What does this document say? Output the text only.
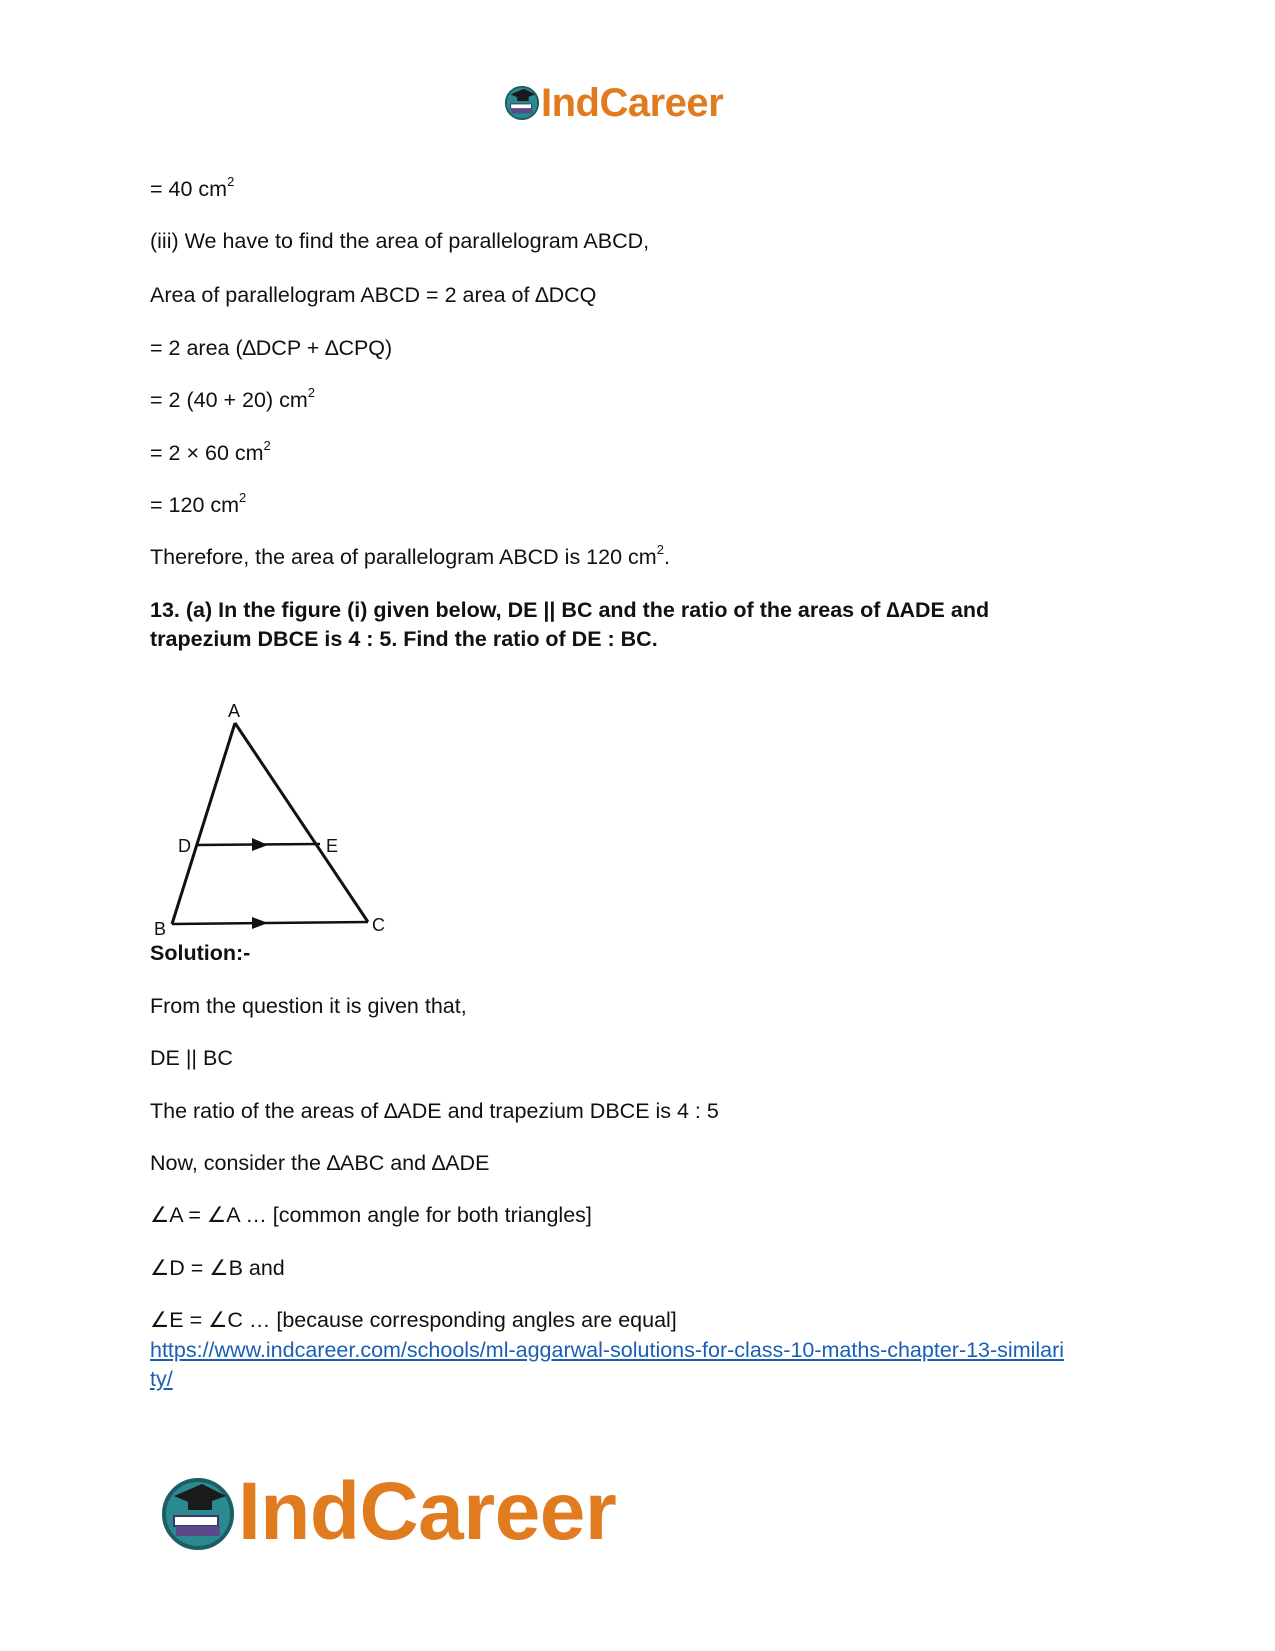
IndCareer
= 40 $cm^2$
(iii) We have to find the area of parallelogram ABCD,
Area of parallelogram ABCD = 2 area of ∆DCQ
= 2 area (∆DCP + ∆CPQ)
= 2 (40 + 20) $cm^2$
= 2 × 60 $cm^2$
= 120 $cm^2$
Therefore, the area of parallelogram ABCD is 120 $cm^2$.
13. (a) In the figure (i) given below, DE || BC and the ratio of the areas of ∆ADE and
trapezium DBCE is 4 : 5. Find the ratio of DE : BC.
A
D	E
B	C
Solution:-
From the question it is given that,
DE || BC
The ratio of the areas of ∆ADE and trapezium DBCE is 4 : 5
Now, consider the ∆ABC and ∆ADE
∠A = ∠A … [common angle for both triangles]
∠D = ∠B and
∠E = ∠C … [because corresponding angles are equal]
https://www.indcareer.com/schools/ml-aggarwal-solutions-for-class-10-maths-chapter-13-similari
ty/
IndCareer
